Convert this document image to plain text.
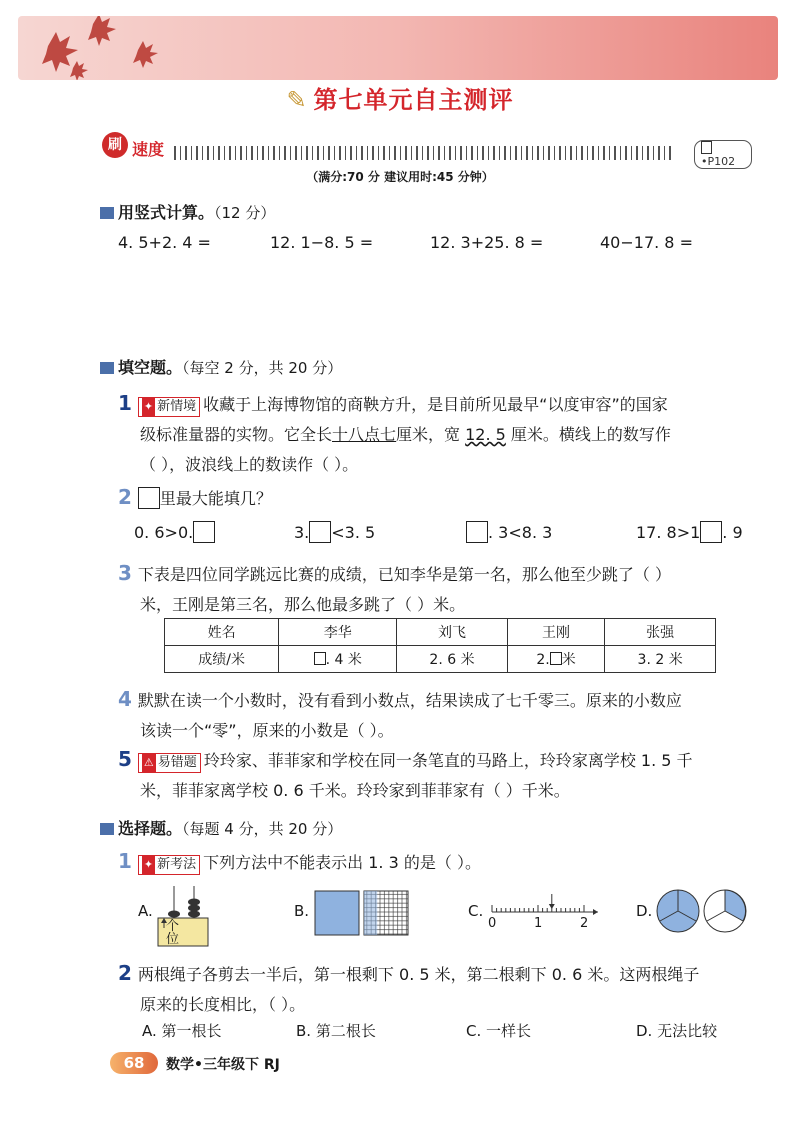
✎ 第七单元自主测评
刷 速度
•P102
（满分:70 分 建议用时:45 分钟）
用竖式计算。（12 分）
4. 5+2. 4 =	12. 1−8. 5 =	12. 3+25. 8 =	40−17. 8 =
填空题。（每空 2 分，共 20 分）
1 ✦ 新情境 收藏于上海博物馆的商鞅方升，是目前所见最早“以度审容”的国家
级标准量器的实物。它全长十八点七厘米，宽 12. 5 厘米。横线上的数写作
（ ），波浪线上的数读作（ ）。
2 里最大能填几？
0. 6>0.	3. <3. 5	. 3<8. 3	17. 8>1 . 9
3 下表是四位同学跳远比赛的成绩，已知李华是第一名，那么他至少跳了（ ）
米，王刚是第三名，那么他最多跳了（ ）米。
姓名	李华	刘飞	王刚	张强
成绩/米	. 4 米	2. 6 米	2. 米	3. 2 米
4 默默在读一个小数时，没有看到小数点，结果读成了七千零三。原来的小数应
该读一个“零”，原来的小数是（ ）。
5 ⚠ 易错题 玲玲家、菲菲家和学校在同一条笔直的马路上，玲玲家离学校 1. 5 千
米，菲菲家离学校 0. 6 千米。玲玲家到菲菲家有（ ）千米。
选择题。（每题 4 分，共 20 分）
1 ✦ 新考法 下列方法中不能表示出 1. 3 的是（ ）。
A.
个
位
B.	C.
0	1	2
D.
2 两根绳子各剪去一半后，第一根剩下 0. 5 米，第二根剩下 0. 6 米。这两根绳子
原来的长度相比，（ ）。
A. 第一根长	B. 第二根长	C. 一样长	D. 无法比较
68	数学•三年级下 RJ
